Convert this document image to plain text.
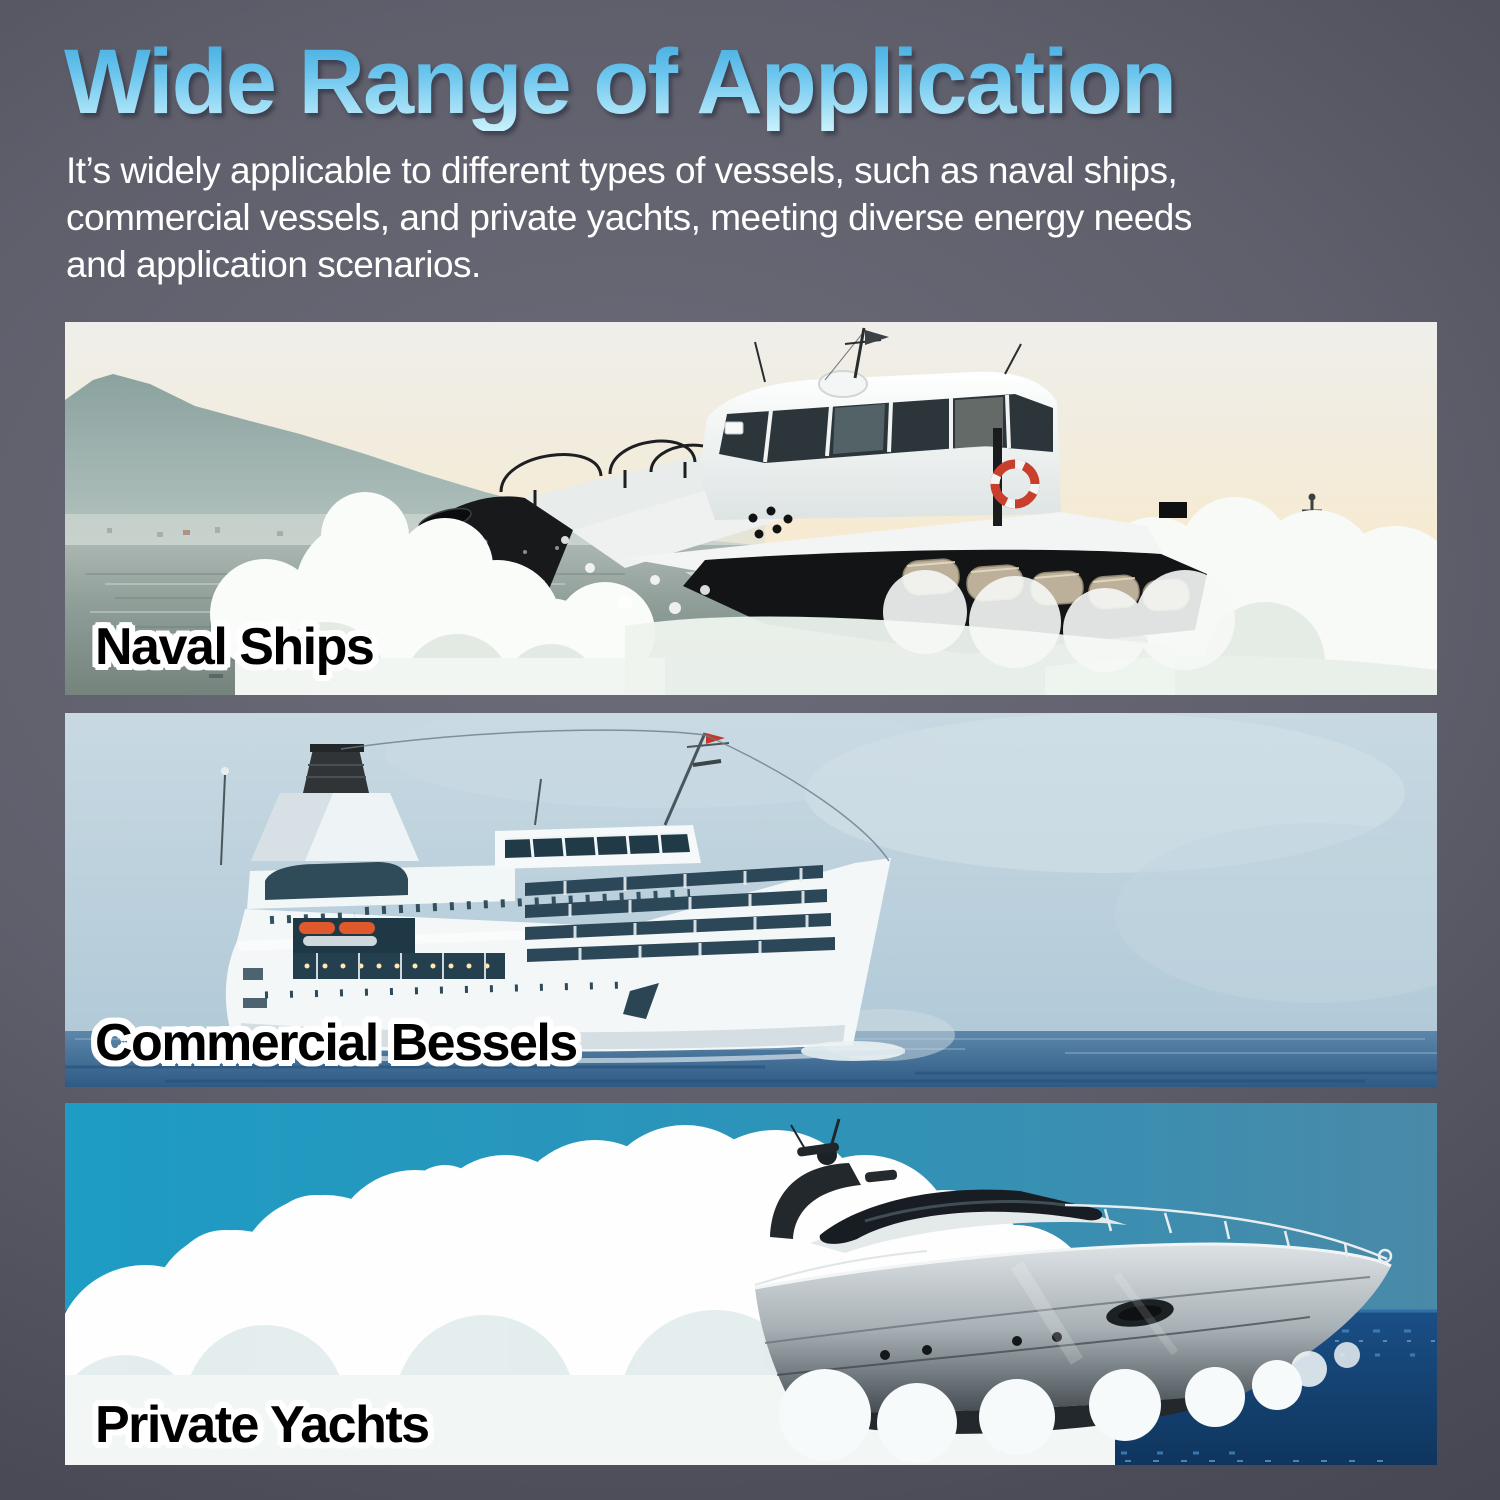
Wide Range of Application

It’s widely applicable to different types of vessels, such as naval ships, commercial vessels, and private yachts, meeting diverse energy needs and application scenarios.

Naval Ships
Commercial Bessels
Private Yachts
